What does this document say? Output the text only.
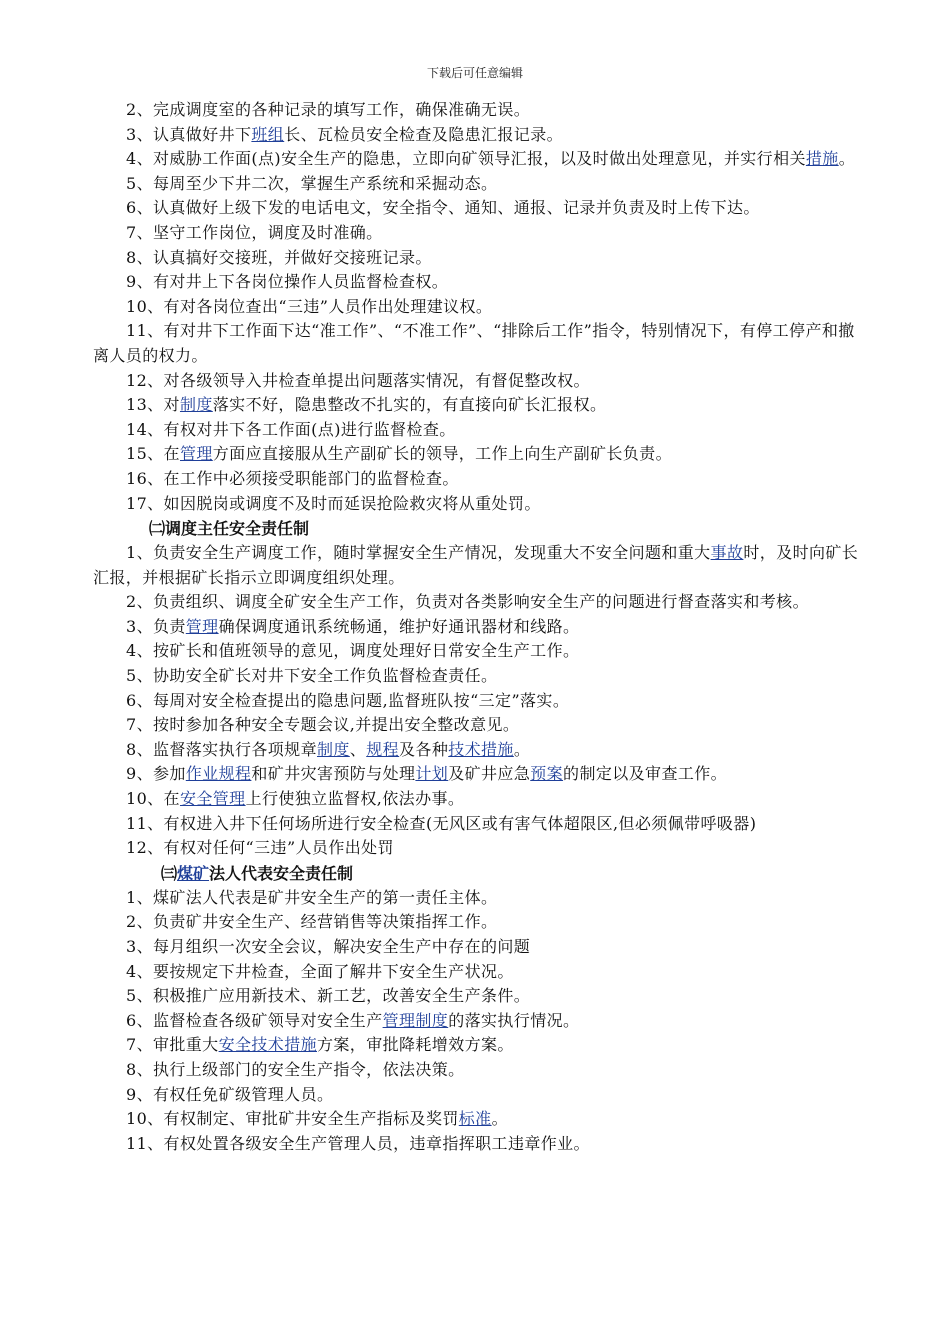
下载后可任意编辑

2、完成调度室的各种记录的填写工作，确保准确无误。

3、认真做好井下班组长、瓦检员安全检查及隐患汇报记录。

4、对威胁工作面(点)安全生产的隐患，立即向矿领导汇报，以及时做出处理意见，并实行相关措施。

5、每周至少下井二次，掌握生产系统和采掘动态。

6、认真做好上级下发的电话电文，安全指令、通知、通报、记录并负责及时上传下达。

7、坚守工作岗位，调度及时准确。

8、认真搞好交接班，并做好交接班记录。

9、有对井上下各岗位操作人员监督检查权。

10、有对各岗位查出“三违”人员作出处理建议权。

11、有对井下工作面下达“准工作”、“不准工作”、“排除后工作”指令，特别情况下，有停工停产和撤离人员的权力。

12、对各级领导入井检查单提出问题落实情况，有督促整改权。

13、对制度落实不好，隐患整改不扎实的，有直接向矿长汇报权。

14、有权对井下各工作面(点)进行监督检查。

15、在管理方面应直接服从生产副矿长的领导，工作上向生产副矿长负责。

16、在工作中必须接受职能部门的监督检查。

17、如因脱岗或调度不及时而延误抢险救灾将从重处罚。

㈡调度主任安全责任制

1、负责安全生产调度工作，随时掌握安全生产情况，发现重大不安全问题和重大事故时，及时向矿长汇报，并根据矿长指示立即调度组织处理。

2、负责组织、调度全矿安全生产工作，负责对各类影响安全生产的问题进行督查落实和考核。

3、负责管理确保调度通讯系统畅通，维护好通讯器材和线路。

4、按矿长和值班领导的意见，调度处理好日常安全生产工作。

5、协助安全矿长对井下安全工作负监督检查责任。

6、每周对安全检查提出的隐患问题,监督班队按“三定”落实。

7、按时参加各种安全专题会议,并提出安全整改意见。

8、监督落实执行各项规章制度、规程及各种技术措施。

9、参加作业规程和矿井灾害预防与处理计划及矿井应急预案的制定以及审查工作。

10、在安全管理上行使独立监督权,依法办事。

11、有权进入井下任何场所进行安全检查(无风区或有害气体超限区,但必须佩带呼吸器)

12、有权对任何“三违”人员作出处罚

㈢煤矿法人代表安全责任制

1、煤矿法人代表是矿井安全生产的第一责任主体。

2、负责矿井安全生产、经营销售等决策指挥工作。

3、每月组织一次安全会议，解决安全生产中存在的问题

4、要按规定下井检查，全面了解井下安全生产状况。

5、积极推广应用新技术、新工艺，改善安全生产条件。

6、监督检查各级矿领导对安全生产管理制度的落实执行情况。

7、审批重大安全技术措施方案，审批降耗增效方案。

8、执行上级部门的安全生产指令，依法决策。

9、有权任免矿级管理人员。

10、有权制定、审批矿井安全生产指标及奖罚标准。

11、有权处置各级安全生产管理人员，违章指挥职工违章作业。
